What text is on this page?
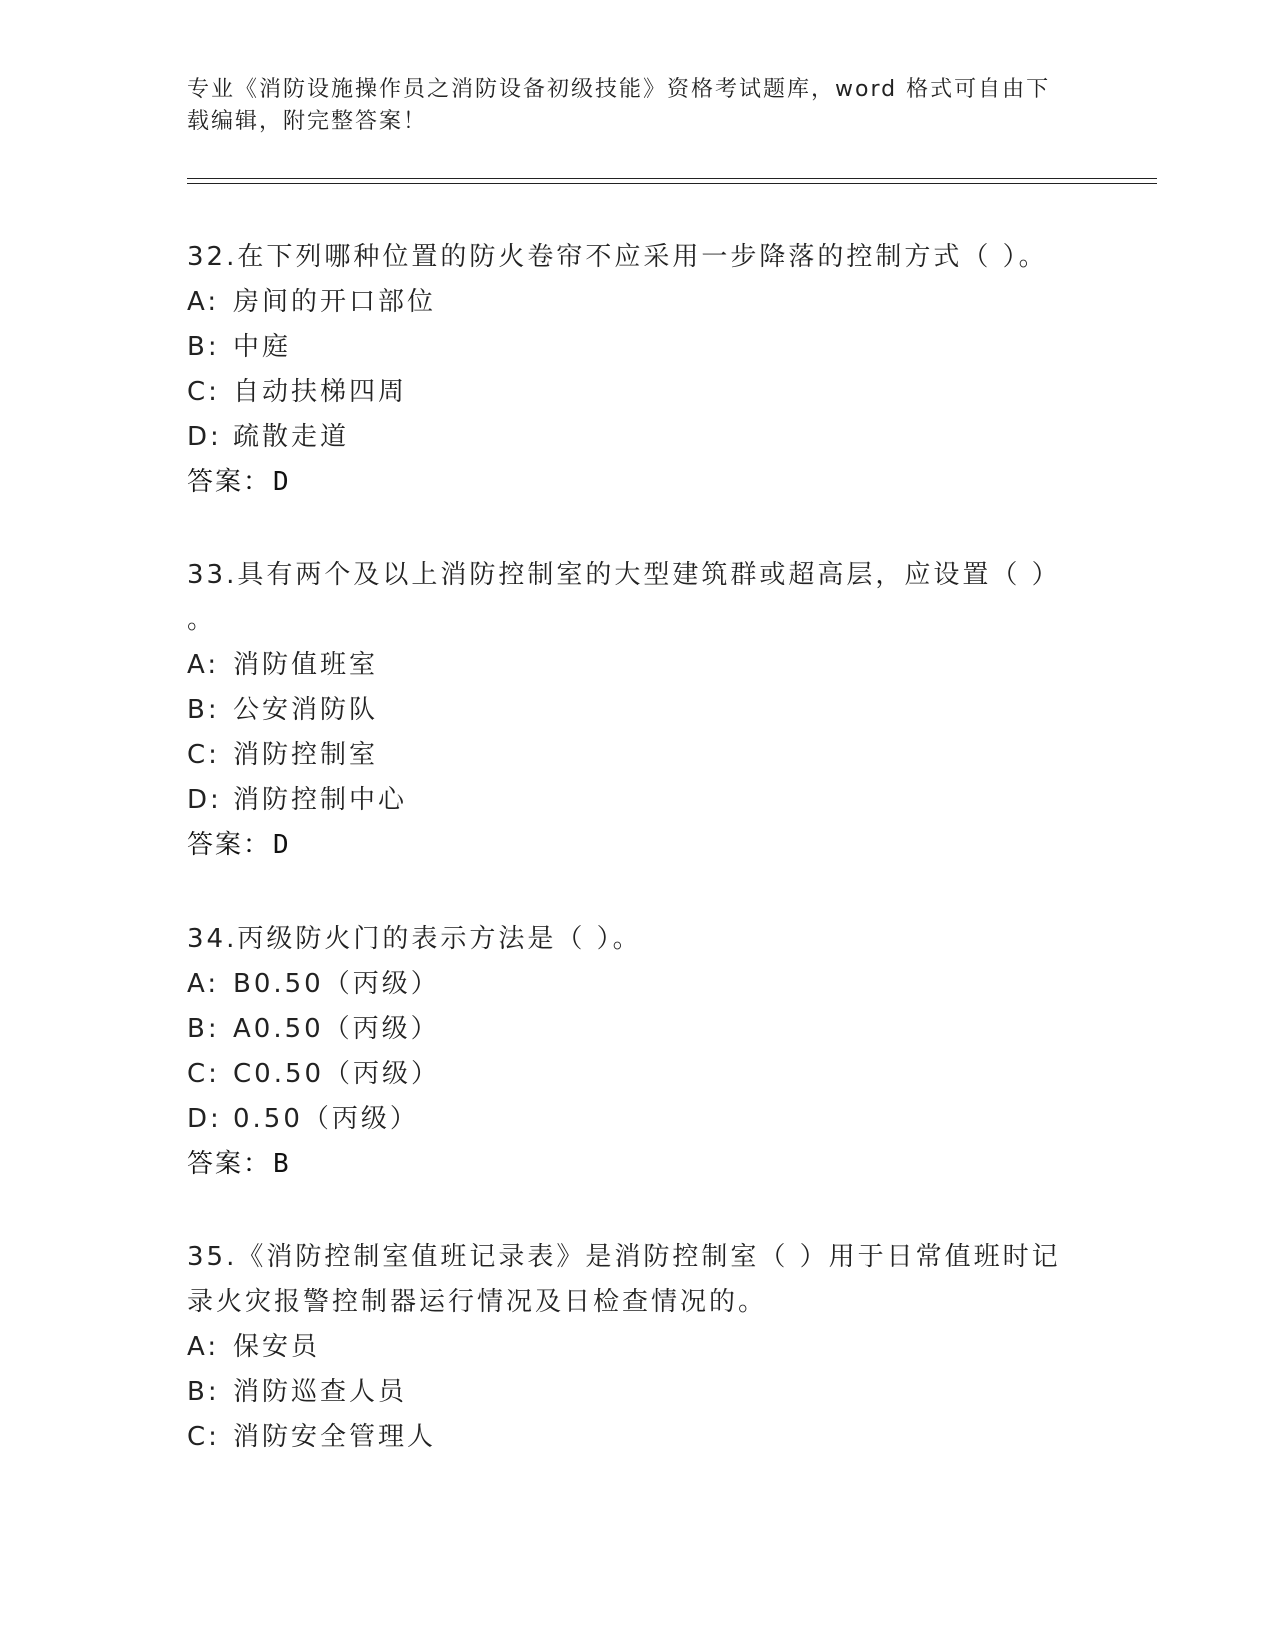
专业《消防设施操作员之消防设备初级技能》资格考试题库，word 格式可自由下
载编辑，附完整答案！
32.在下列哪种位置的防火卷帘不应采用一步降落的控制方式（ ）。
A: 房间的开口部位
B: 中庭
C: 自动扶梯四周
D: 疏散走道
答案：D
33.具有两个及以上消防控制室的大型建筑群或超高层，应设置（ ）
。
A: 消防值班室
B: 公安消防队
C: 消防控制室
D: 消防控制中心
答案：D
34.丙级防火门的表示方法是（ ）。
A: B0.50（丙级）
B: A0.50（丙级）
C: C0.50（丙级）
D: 0.50（丙级）
答案：B
35.《消防控制室值班记录表》是消防控制室（ ）用于日常值班时记
录火灾报警控制器运行情况及日检查情况的。
A: 保安员
B: 消防巡查人员
C: 消防安全管理人
